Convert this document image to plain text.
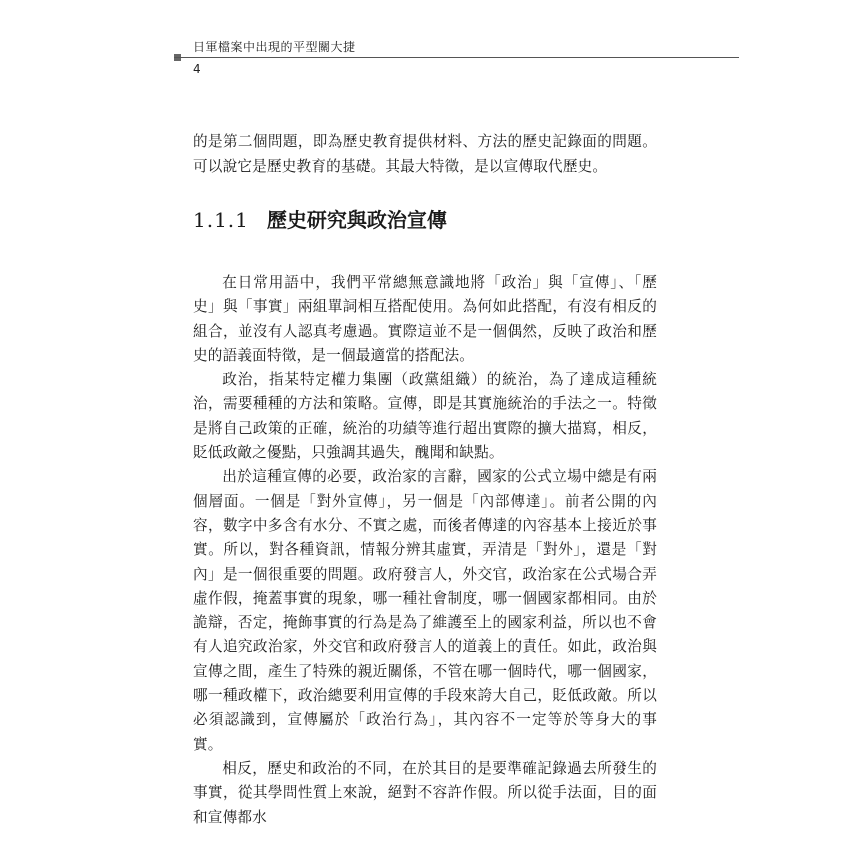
日軍檔案中出現的平型關大捷
4

的是第二個問題，即為歷史教育提供材料、方法的歷史記錄面的問題。可以說它是歷史教育的基礎。其最大特徵，是以宣傳取代歷史。

1.1.1 歷史研究與政治宣傳

在日常用語中，我們平常總無意識地將「政治」與「宣傳」、「歷史」與「事實」兩組單詞相互搭配使用。為何如此搭配，有沒有相反的組合，並沒有人認真考慮過。實際這並不是一個偶然，反映了政治和歷史的語義面特徵，是一個最適當的搭配法。

政治，指某特定權力集團（政黨組織）的統治，為了達成這種統治，需要種種的方法和策略。宣傳，即是其實施統治的手法之一。特徵是將自己政策的正確，統治的功績等進行超出實際的擴大描寫，相反，貶低政敵之優點，只強調其過失，醜聞和缺點。

出於這種宣傳的必要，政治家的言辭，國家的公式立場中總是有兩個層面。一個是「對外宣傳」，另一個是「內部傳達」。前者公開的內容，數字中多含有水分、不實之處，而後者傳達的內容基本上接近於事實。所以，對各種資訊，情報分辨其虛實，弄清是「對外」，還是「對內」是一個很重要的問題。政府發言人，外交官，政治家在公式場合弄虛作假，掩蓋事實的現象，哪一種社會制度，哪一個國家都相同。由於詭辯，否定，掩飾事實的行為是為了維護至上的國家利益，所以也不會有人追究政治家，外交官和政府發言人的道義上的責任。如此，政治與宣傳之間，產生了特殊的親近關係，不管在哪一個時代，哪一個國家，哪一種政權下，政治總要利用宣傳的手段來誇大自己，貶低政敵。所以必須認識到，宣傳屬於「政治行為」，其內容不一定等於等身大的事實。

相反，歷史和政治的不同，在於其目的是要準確記錄過去所發生的事實，從其學問性質上來說，絕對不容許作假。所以從手法面，目的面和宣傳都水
